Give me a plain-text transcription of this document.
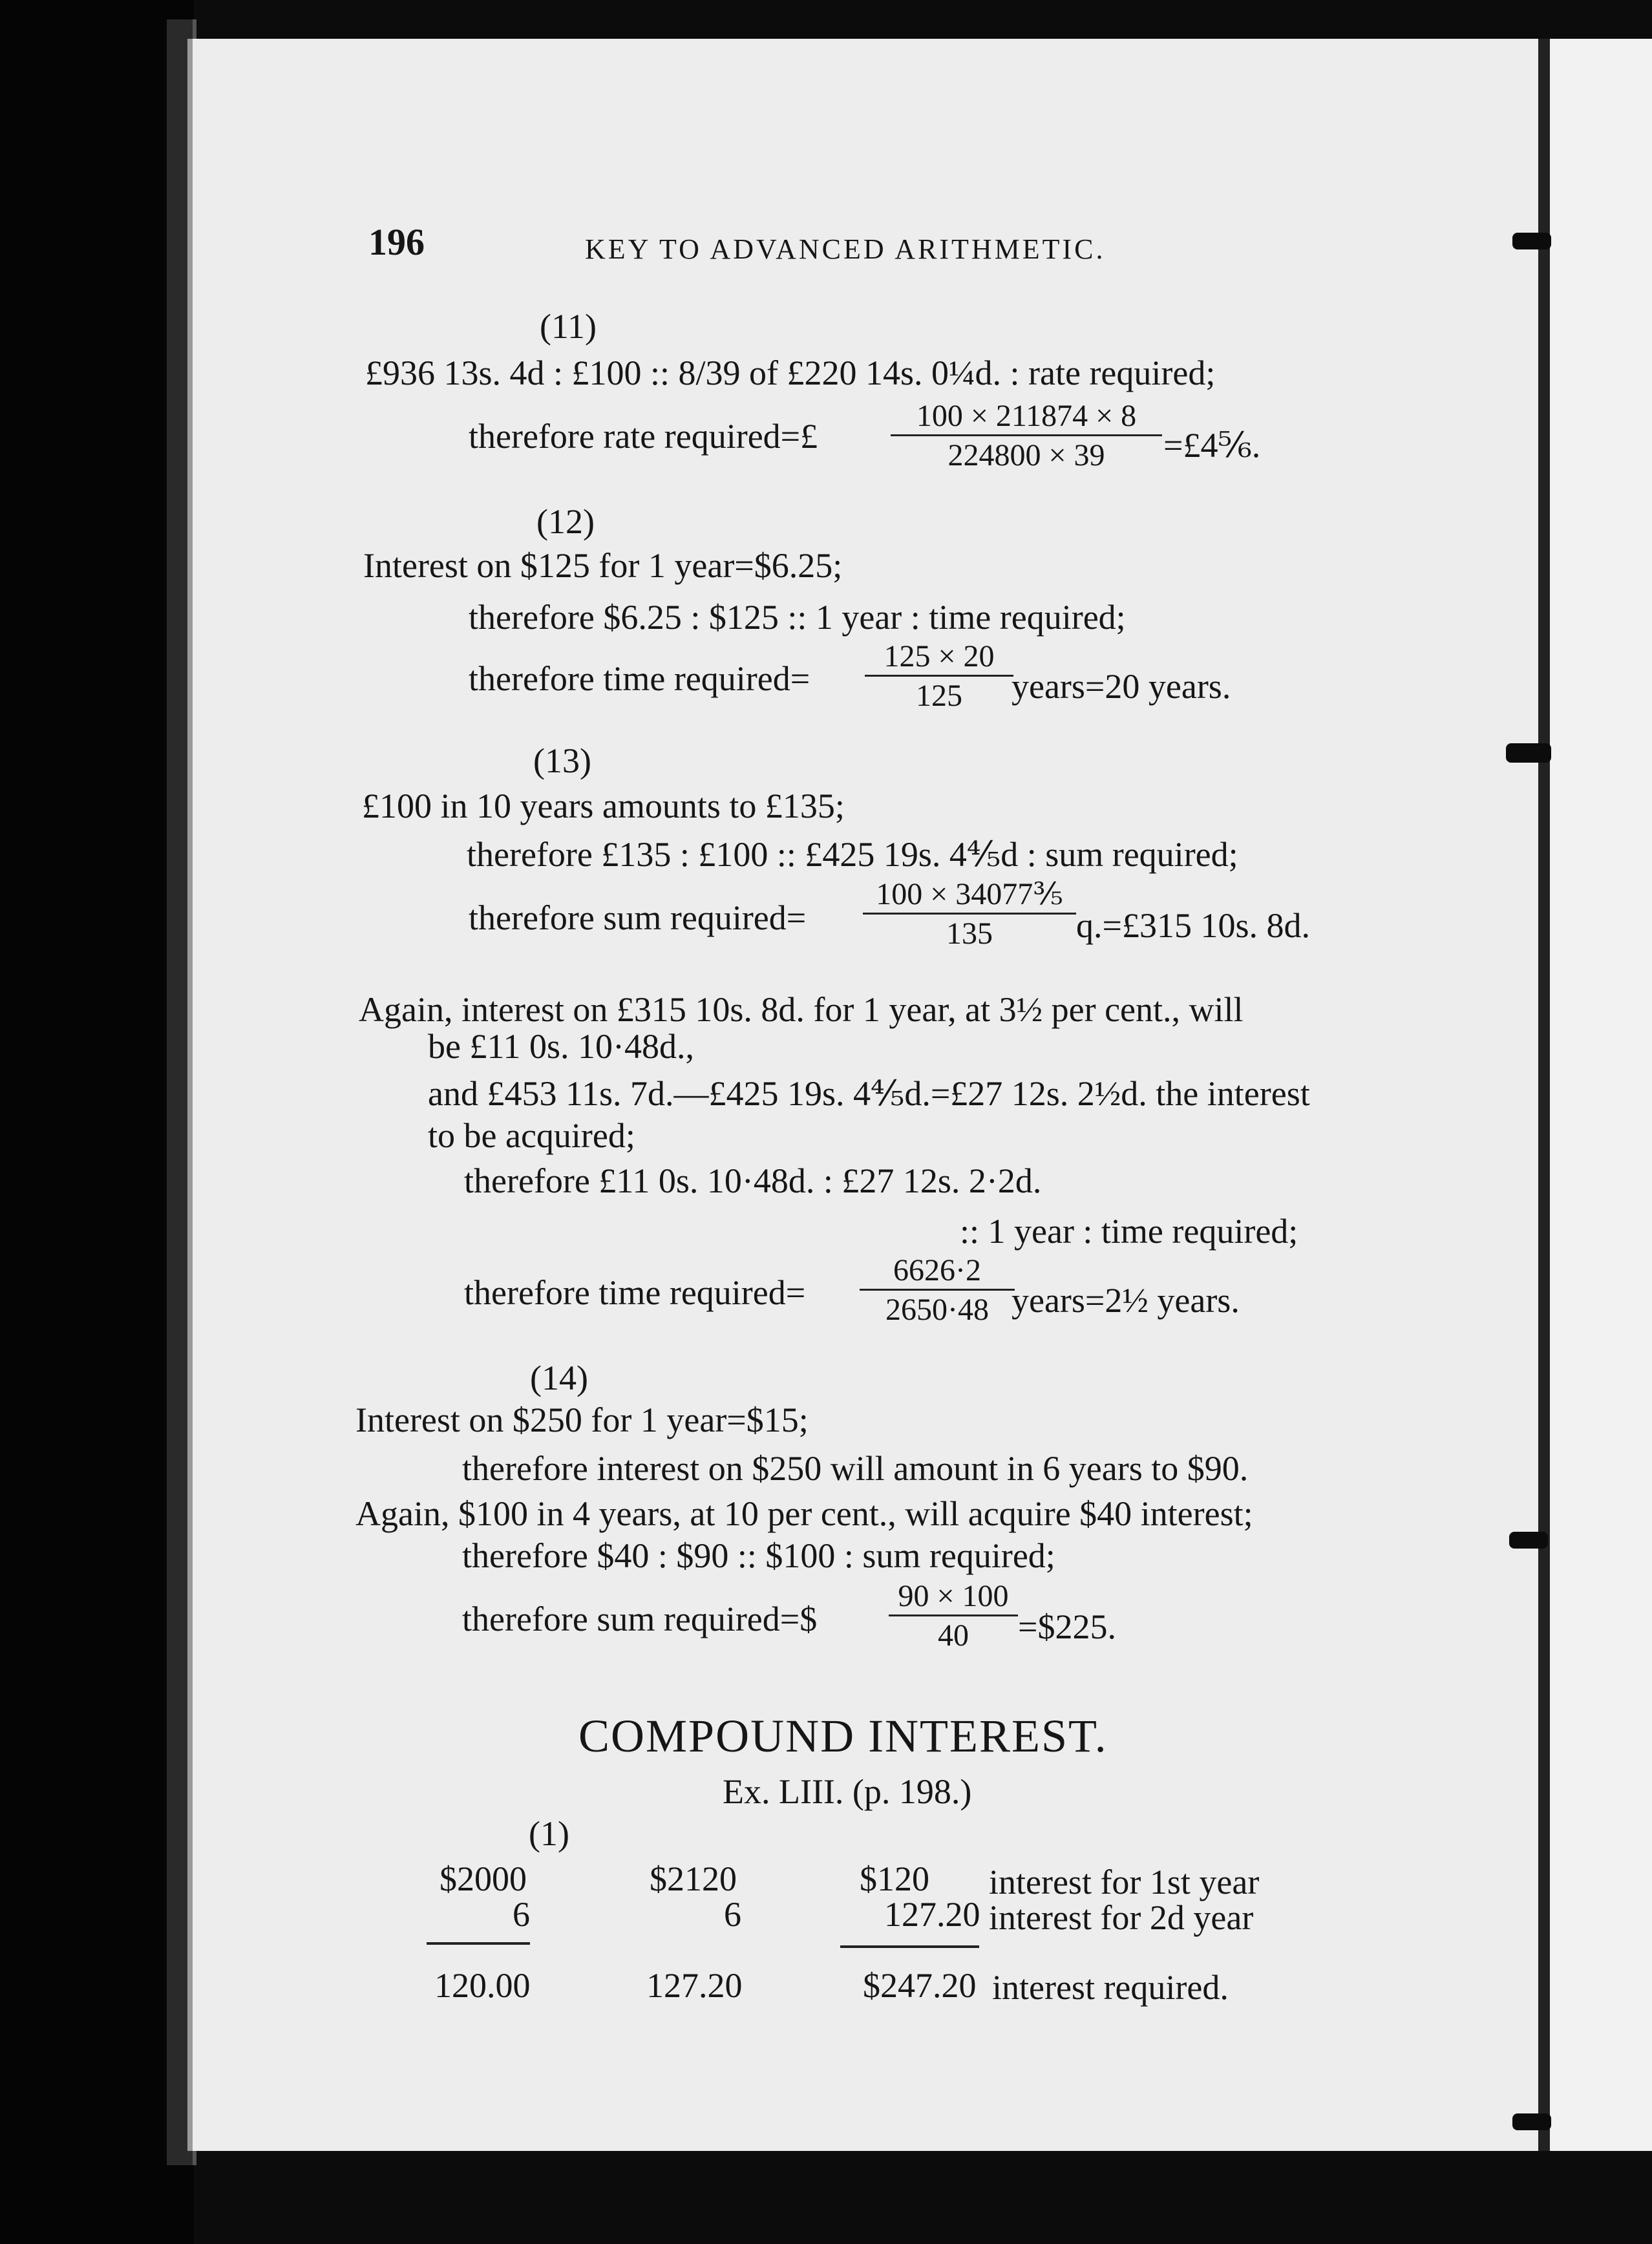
196	KEY TO ADVANCED ARITHMETIC.
(11)
£936 13s. 4d : £100 :: 8/39 of £220 14s. 0¼d. : rate required;
therefore rate required=£ $\frac{100 \times 211874 \times 8}{224800 \times 39}$ =£4⅚.
(12)
Interest on $125 for 1 year=$6.25;
therefore $6.25 : $125 :: 1 year : time required;
therefore time required= $\frac{125 \times 20}{125}$
years=20 years.
(13)
£100 in 10 years amounts to £135;
therefore £135 : £100 :: £425 19s. 4⅘d : sum required;
therefore sum required= $\frac{\text{100 × 34077⅗}}{135}$ q.=£315 10s. 8d.
Again, interest on £315 10s. 8d. for 1 year, at 3½ per cent., will
be £11 0s. 10·48d.,
and £453 11s. 7d.—£425 19s. 4⅘d.=£27 12s. 2½d. the interest
to be acquired;
therefore £11 0s. 10·48d. : £27 12s. 2·2d.
:: 1 year : time required;
therefore time required= $\frac{6626\cdot 2}{2650\cdot 48}$
years=2½ years.
(14)
Interest on $250 for 1 year=$15;
therefore interest on $250 will amount in 6 years to $90.
Again, $100 in 4 years, at 10 per cent., will acquire $40 interest;
therefore $40 : $90 :: $100 : sum required;
therefore sum required=$ $\frac{90 \times 100}{40}$ =$225.
COMPOUND INTEREST.
Ex. LIII. (p. 198.)
(1)
$2000
6
120.00
$2120
6
127.20
$120
127.20
$247.20
interest for 1st year
interest for 2d year
interest required.
